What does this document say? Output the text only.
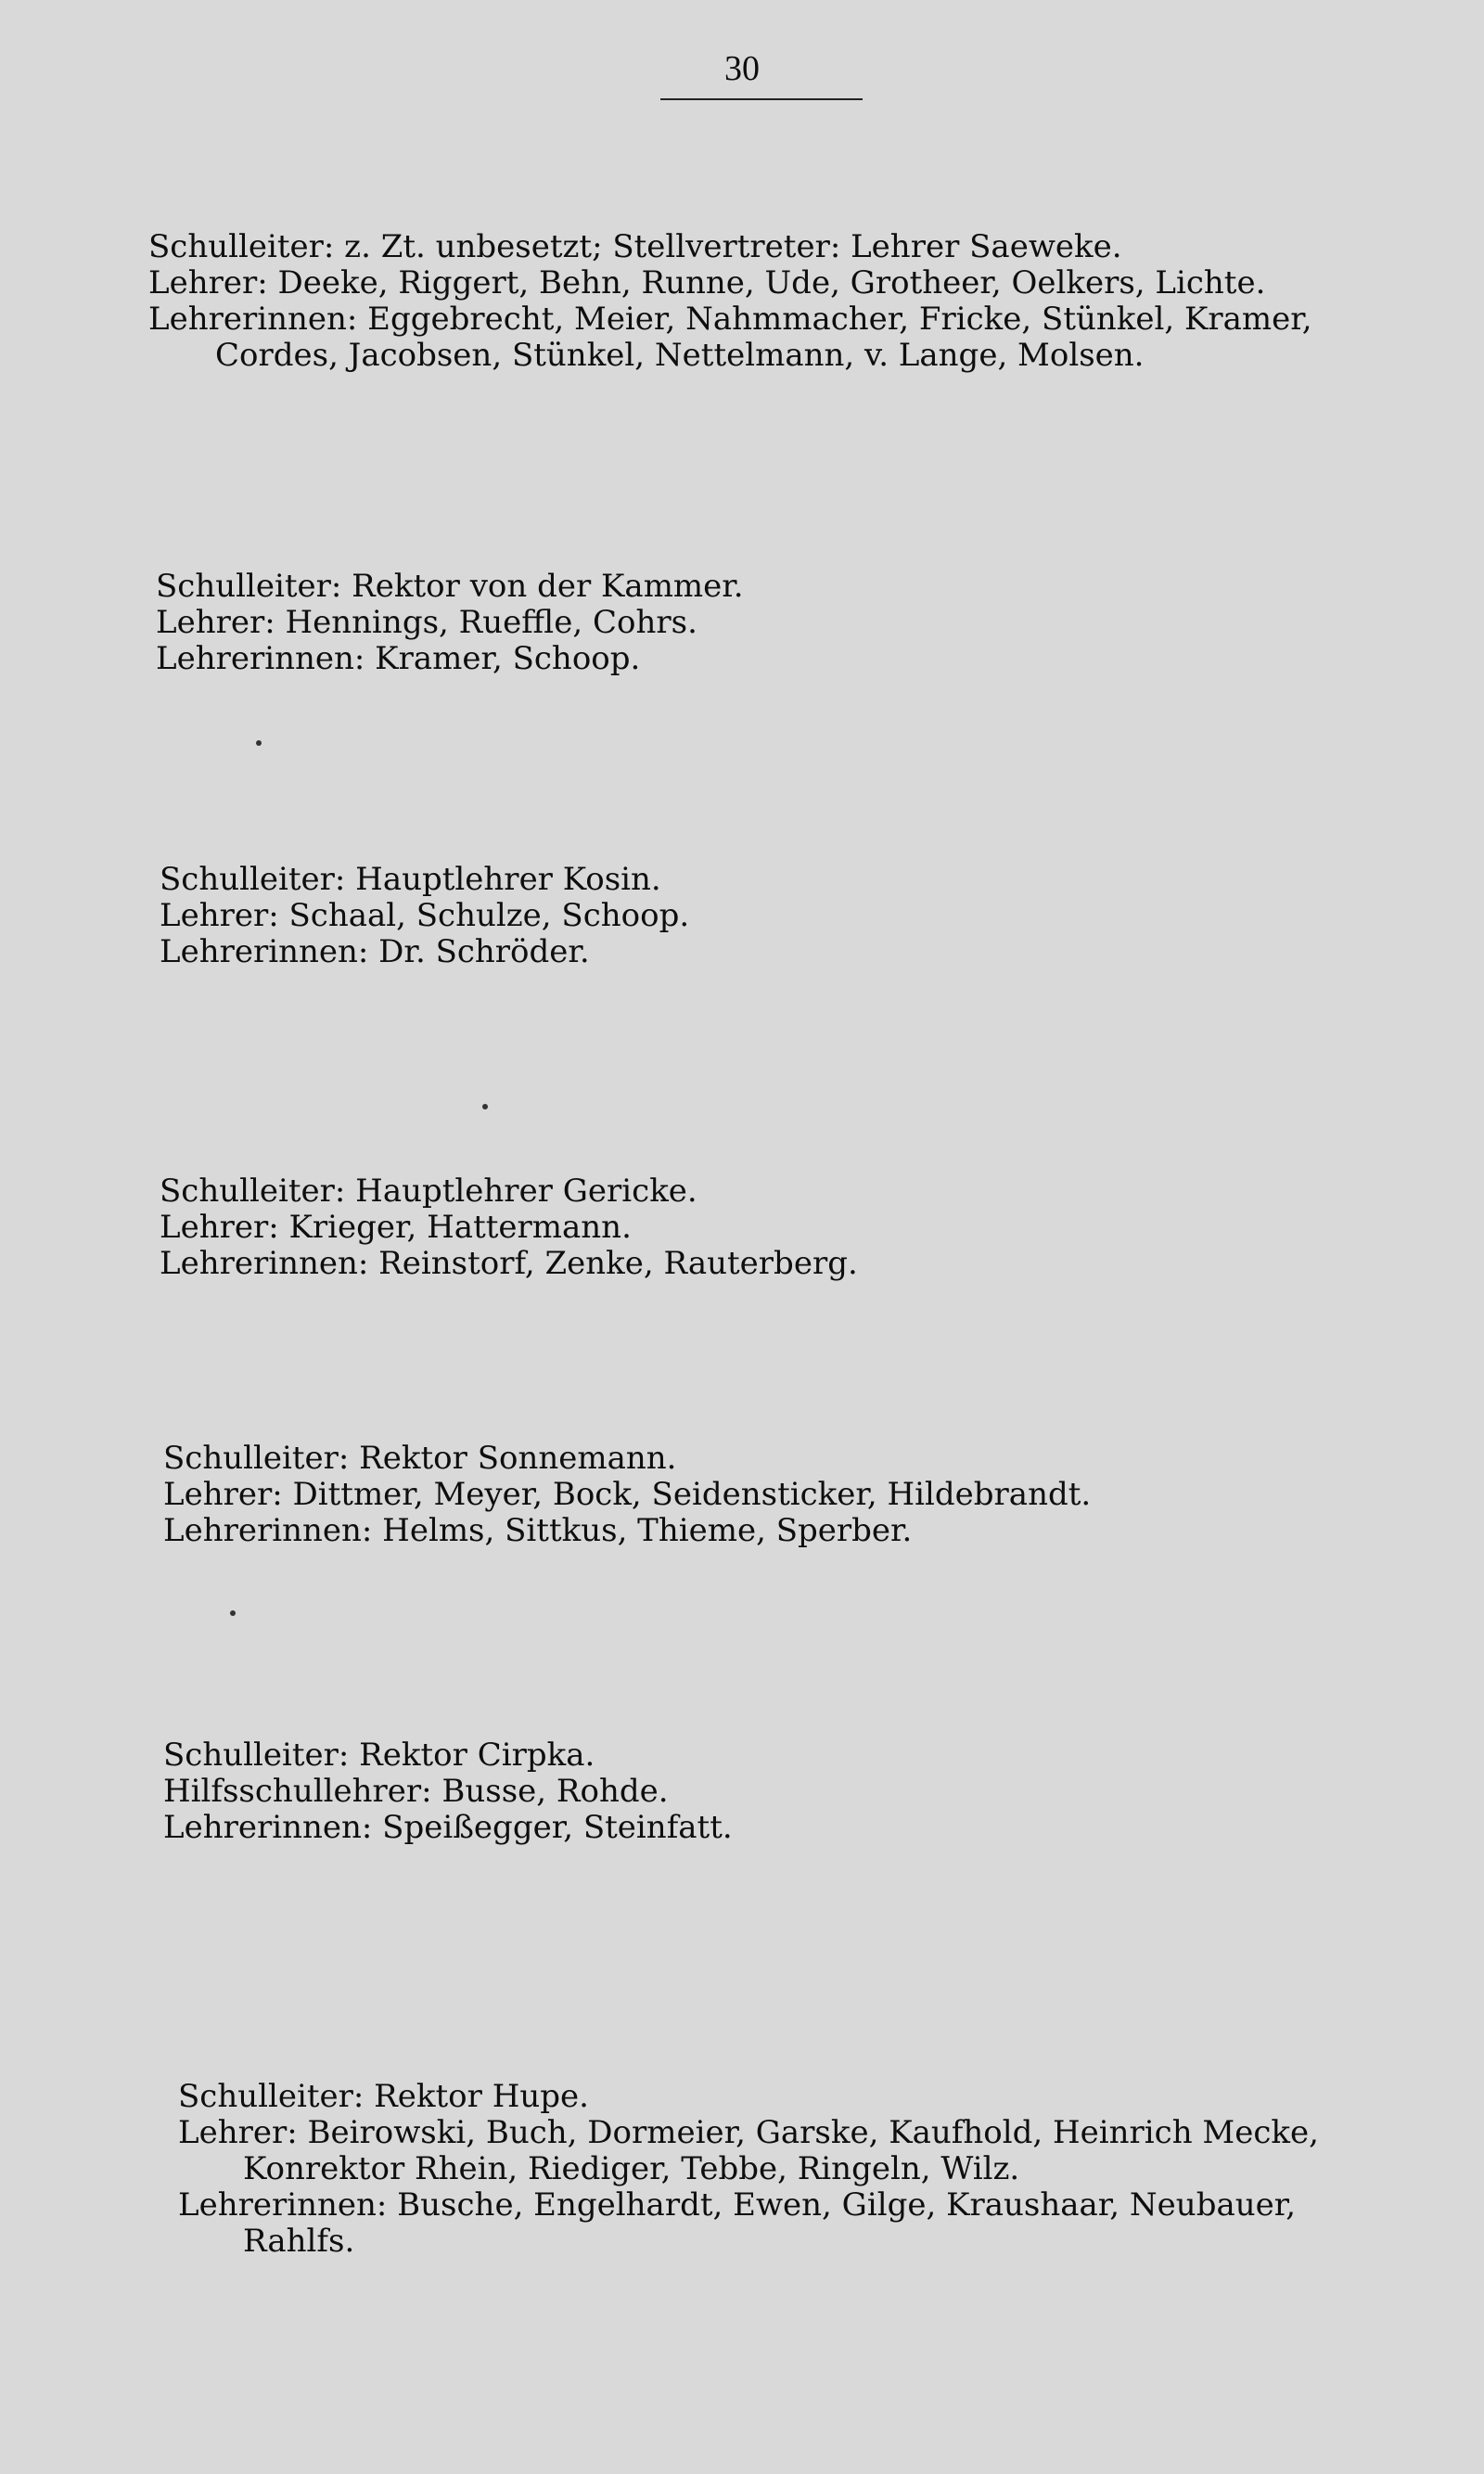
30
Schulleiter: z. Zt. unbesetzt; Stellvertreter: Lehrer Saeweke.
Lehrer: Deeke, Riggert, Behn, Runne, Ude, Grotheer, Oelkers, Lichte.
Lehrerinnen: Eggebrecht, Meier, Nahmmacher, Fricke, Stünkel, Kramer,
Cordes, Jacobsen, Stünkel, Nettelmann, v. Lange, Molsen.
Schulleiter: Rektor von der Kammer.
Lehrer: Hennings, Rueffle, Cohrs.
Lehrerinnen: Kramer, Schoop.
Schulleiter: Hauptlehrer Kosin.
Lehrer: Schaal, Schulze, Schoop.
Lehrerinnen: Dr. Schröder.
Schulleiter: Hauptlehrer Gericke.
Lehrer: Krieger, Hattermann.
Lehrerinnen: Reinstorf, Zenke, Rauterberg.
Schulleiter: Rektor Sonnemann.
Lehrer: Dittmer, Meyer, Bock, Seidensticker, Hildebrandt.
Lehrerinnen: Helms, Sittkus, Thieme, Sperber.
Schulleiter: Rektor Cirpka.
Hilfsschullehrer: Busse, Rohde.
Lehrerinnen: Speißegger, Steinfatt.
Schulleiter: Rektor Hupe.
Lehrer: Beirowski, Buch, Dormeier, Garske, Kaufhold, Heinrich Mecke,
Konrektor Rhein, Riediger, Tebbe, Ringeln, Wilz.
Lehrerinnen: Busche, Engelhardt, Ewen, Gilge, Kraushaar, Neubauer,
Rahlfs.
